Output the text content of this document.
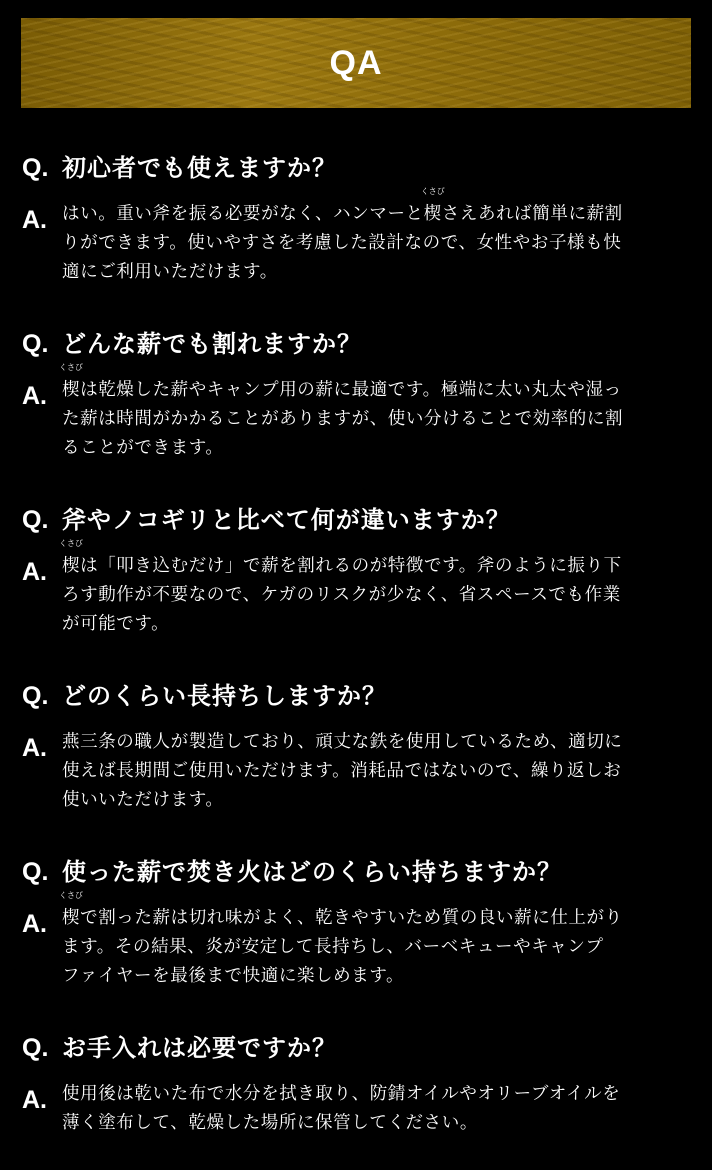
QA
Q. 初心者でも使えますか？
A. はい。重い斧を振る必要がなく、ハンマーと楔
くさび
さえあれば簡単に薪割
りができます。使いやすさを考慮した設計なので、女性やお子様も快
適にご利用いただけます。
Q. どんな薪でも割れますか？
A. 楔
くさび
は乾燥した薪やキャンプ用の薪に最適です。極端に太い丸太や湿っ
た薪は時間がかかることがありますが、使い分けることで効率的に割
ることができます。
Q. 斧やノコギリと比べて何が違いますか？
A. 楔
くさび
は「叩き込むだけ」で薪を割れるのが特徴です。斧のように振り下
ろす動作が不要なので、ケガのリスクが少なく、省スペースでも作業
が可能です。
Q. どのくらい長持ちしますか？
A. 燕三条の職人が製造しており、頑丈な鉄を使用しているため、適切に
使えば長期間ご使用いただけます。消耗品ではないので、繰り返しお
使いいただけます。
Q. 使った薪で焚き火はどのくらい持ちますか？
A. 楔
くさび
で割った薪は切れ味がよく、乾きやすいため質の良い薪に仕上がり
ます。その結果、炎が安定して長持ちし、バーベキューやキャンプ
ファイヤーを最後まで快適に楽しめます。
Q. お手入れは必要ですか？
A. 使用後は乾いた布で水分を拭き取り、防錆オイルやオリーブオイルを
薄く塗布して、乾燥した場所に保管してください。
